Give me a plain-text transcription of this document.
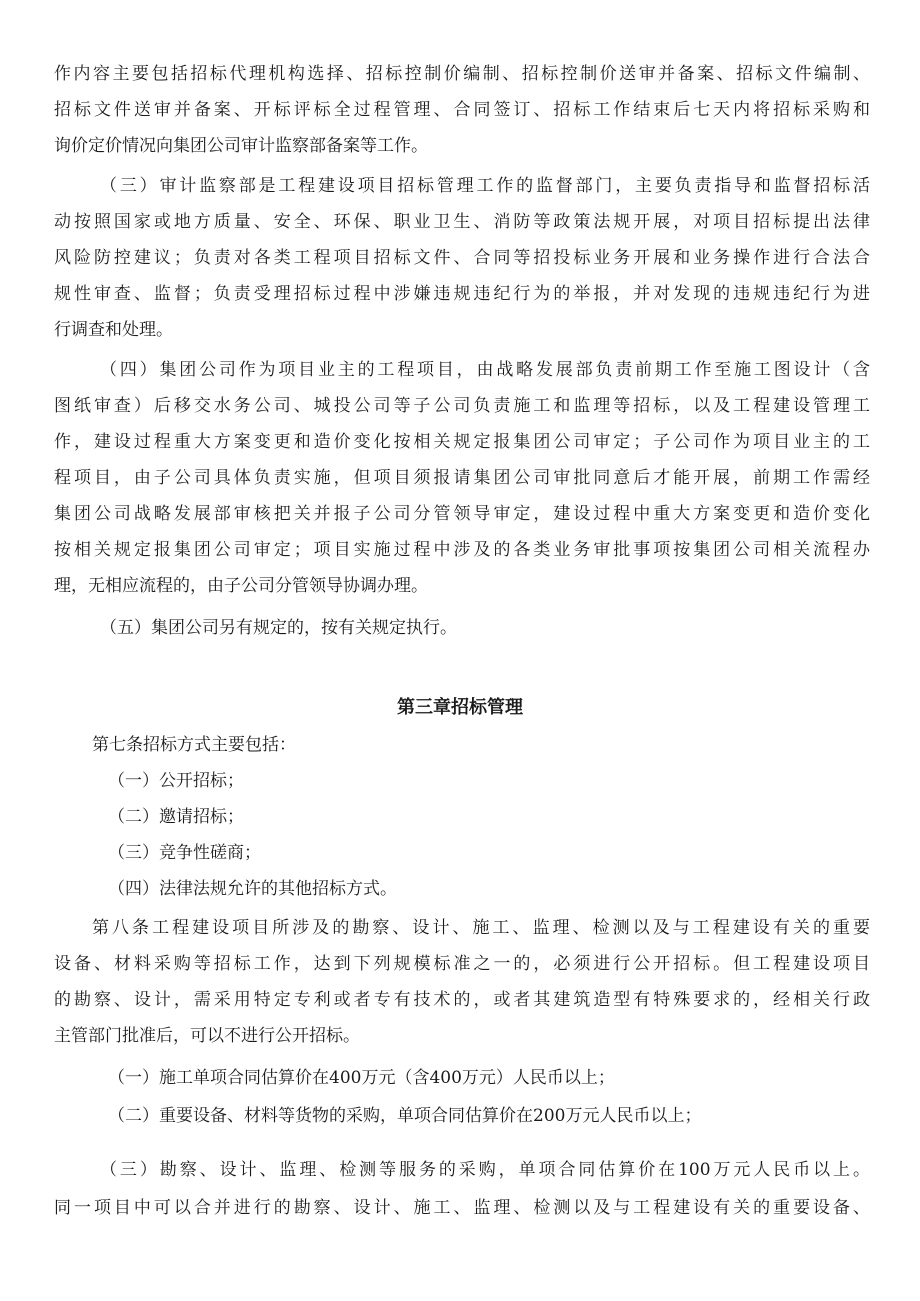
作内容主要包括招标代理机构选择、招标控制价编制、招标控制价送审并备案、招标文件编制、
招标文件送审并备案、开标评标全过程管理、合同签订、招标工作结束后七天内将招标采购和
询价定价情况向集团公司审计监察部备案等工作。
（三）审计监察部是工程建设项目招标管理工作的监督部门，主要负责指导和监督招标活
动按照国家或地方质量、安全、环保、职业卫生、消防等政策法规开展，对项目招标提出法律
风险防控建议；负责对各类工程项目招标文件、合同等招投标业务开展和业务操作进行合法合
规性审查、监督；负责受理招标过程中涉嫌违规违纪行为的举报，并对发现的违规违纪行为进
行调查和处理。
（四）集团公司作为项目业主的工程项目，由战略发展部负责前期工作至施工图设计（含
图纸审查）后移交水务公司、城投公司等子公司负责施工和监理等招标，以及工程建设管理工
作，建设过程重大方案变更和造价变化按相关规定报集团公司审定；子公司作为项目业主的工
程项目，由子公司具体负责实施，但项目须报请集团公司审批同意后才能开展，前期工作需经
集团公司战略发展部审核把关并报子公司分管领导审定，建设过程中重大方案变更和造价变化
按相关规定报集团公司审定；项目实施过程中涉及的各类业务审批事项按集团公司相关流程办
理，无相应流程的，由子公司分管领导协调办理。
（五）集团公司另有规定的，按有关规定执行。
第三章招标管理
第七条招标方式主要包括：
（一）公开招标；
（二）邀请招标；
（三）竞争性磋商；
（四）法律法规允许的其他招标方式。
第八条工程建设项目所涉及的勘察、设计、施工、监理、检测以及与工程建设有关的重要
设备、材料采购等招标工作，达到下列规模标准之一的，必须进行公开招标。但工程建设项目
的勘察、设计，需采用特定专利或者专有技术的，或者其建筑造型有特殊要求的，经相关行政
主管部门批准后，可以不进行公开招标。
（一）施工单项合同估算价在400万元（含400万元）人民币以上；
（二）重要设备、材料等货物的采购，单项合同估算价在200万元人民币以上；
（三）勘察、设计、监理、检测等服务的采购，单项合同估算价在100万元人民币以上。
同一项目中可以合并进行的勘察、设计、施工、监理、检测以及与工程建设有关的重要设备、
